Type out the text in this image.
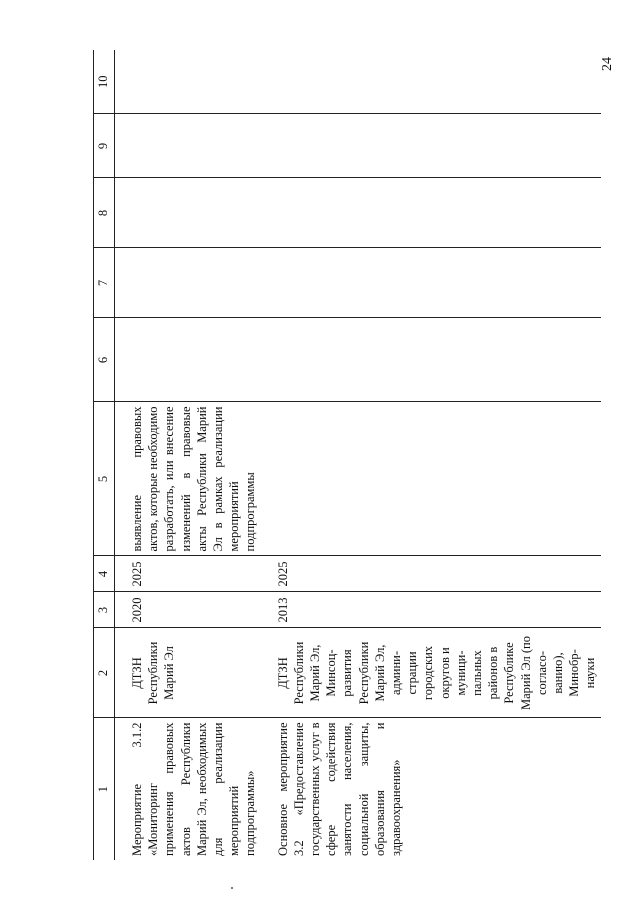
24
1	2	3	4	5	6	7	8	9	10

Мероприятие 3.1.2 «Мониторинг применения правовых актов Республики Марий Эл, необходимых для реализации мероприятий подпрограммы»	ДТЗН Республики Марий Эл	2020	2025	выявление правовых актов, которые необходимо разработать, или внесение изменений в правовые акты Республики Марий Эл в рамках реализации мероприятий подпрограммы					

Основное мероприятие 3.2 «Предоставление государственных услуг в сфере содействия занятости населения, социальной защиты, образования и здравоохранения»	ДТЗН Республики Марий Эл, Минсоц- развития Республики Марий Эл, админи- страции городских округов и муници- пальных районов в Республике Марий Эл (по согласо- ванию), Минобр- науки	2013	2025						
